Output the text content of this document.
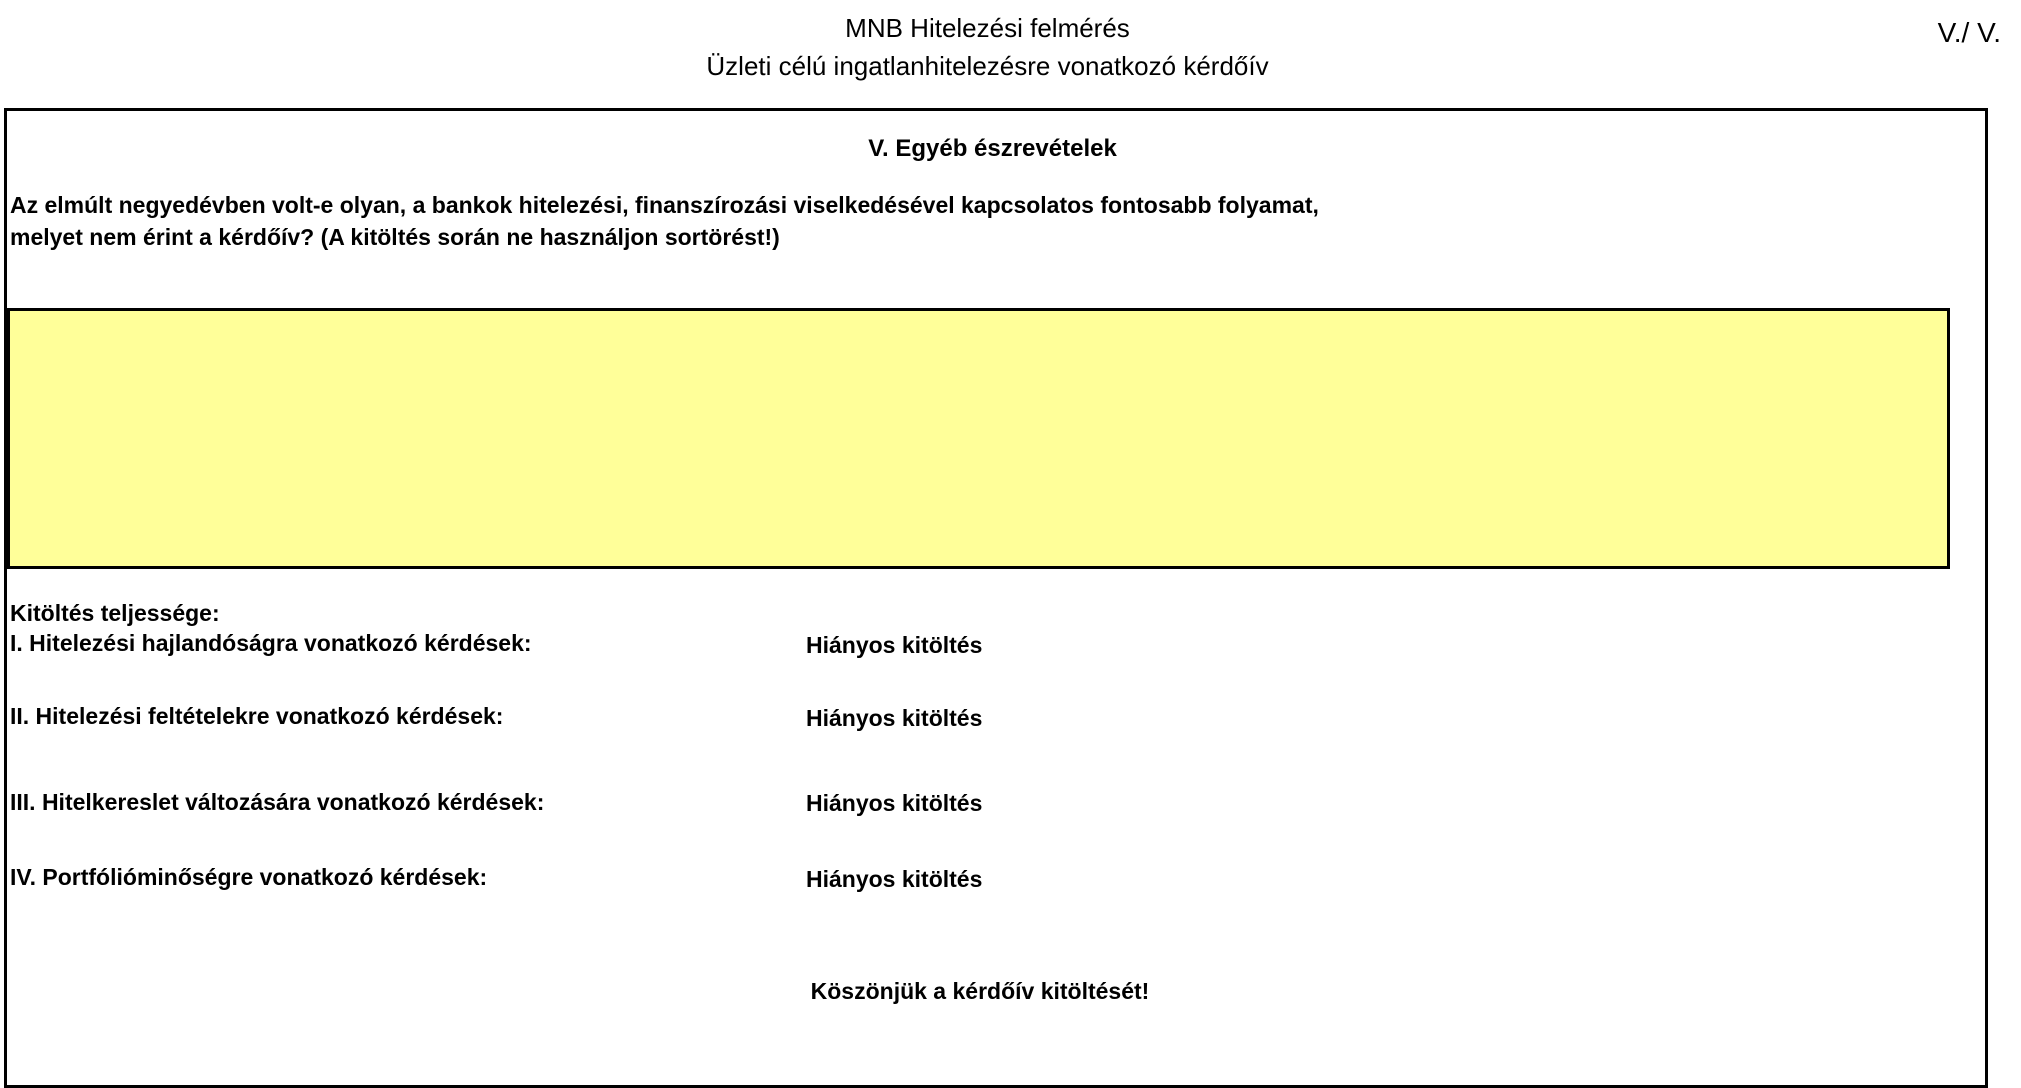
MNB Hitelezési felmérés
Üzleti célú ingatlanhitelezésre vonatkozó kérdőív
V./ V.
V. Egyéb észrevételek
Az elmúlt negyedévben volt-e olyan, a bankok hitelezési, finanszírozási viselkedésével kapcsolatos fontosabb folyamat,
melyet nem érint a kérdőív? (A kitöltés során ne használjon sortörést!)
Kitöltés teljessége:
I. Hitelezési hajlandóságra vonatkozó kérdések:	Hiányos kitöltés
II. Hitelezési feltételekre vonatkozó kérdések:	Hiányos kitöltés
III. Hitelkereslet változására vonatkozó kérdések:	Hiányos kitöltés
IV. Portfólióminőségre vonatkozó kérdések:	Hiányos kitöltés
Köszönjük a kérdőív kitöltését!
